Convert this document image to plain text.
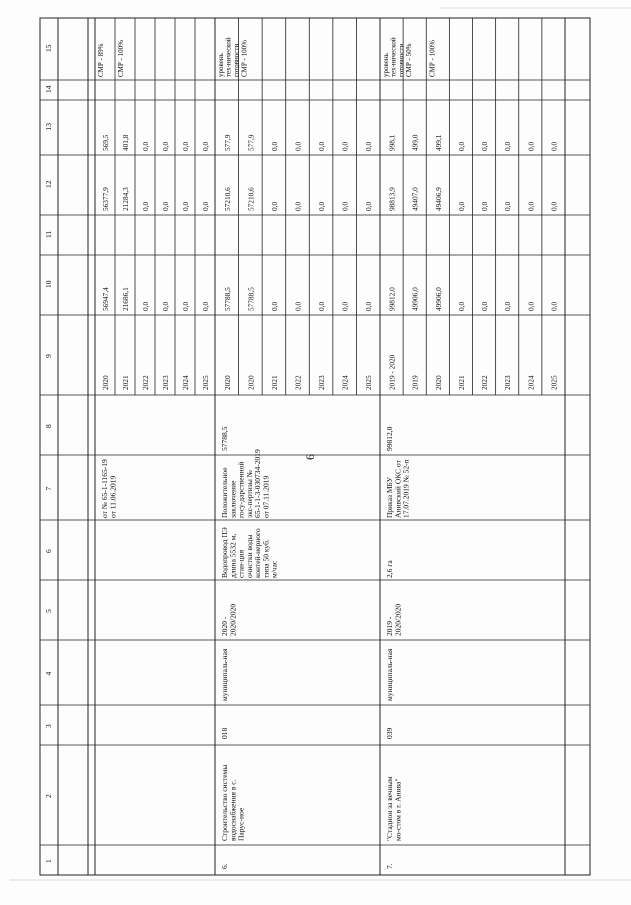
6
1
2
3
4
5
6
7
8
9
10
11
12
13
14
15
от № 65-1-1165-19от 11.06.2019
2020
56947,4
56377,9
569,5
СМР - 89%
2021
21686,1
21284,3
401,8
СМР - 100%
2022
0,0
0,0
0,0
2023
0,0
0,0
0,0
2024
0,0
0,0
0,0
2025
0,0
0,0
0,0
6.
Строительство системыводоснабжения в с.Парус-ное
018
муниципаль-ная
2020 -2020/2020
Водопровод ПЭдлина 5532 м,стан-цияочистки водыконтей-нерноготипа 50 куб.м/час
Положительноезаключениегосу-дарственнойэкс-пертизы №65-1-1-3-030734-2019от 07.11.2019
57788,5
2020
57788,5
57210,6
577,9
уровеньтех-ническойготовности
2020
57788,5
57210,6
577,9
СМР - 100%
2021
0,0
0,0
0,0
2022
0,0
0,0
0,0
2023
0,0
0,0
0,0
2024
0,0
0,0
0,0
2025
0,0
0,0
0,0
7.
"Стадион за вечныммо-стом в г. Анива"
039
муниципаль-ная
2019 -2020/2020
2,6 га
Приказ МБУАнивский ОКС от17.07.2019 № 52-п
99812,0
2019 - 2020
99812,0
98813,9
998,1
уровеньтех-ническойготовности
2019
49906,0
49407,0
499,0
СМР - 50%
2020
49906,0
49406,9
499,1
СМР - 100%
2021
0,0
0,0
0,0
2022
0,0
0,0
0,0
2023
0,0
0,0
0,0
2024
0,0
0,0
0,0
2025
0,0
0,0
0,0
